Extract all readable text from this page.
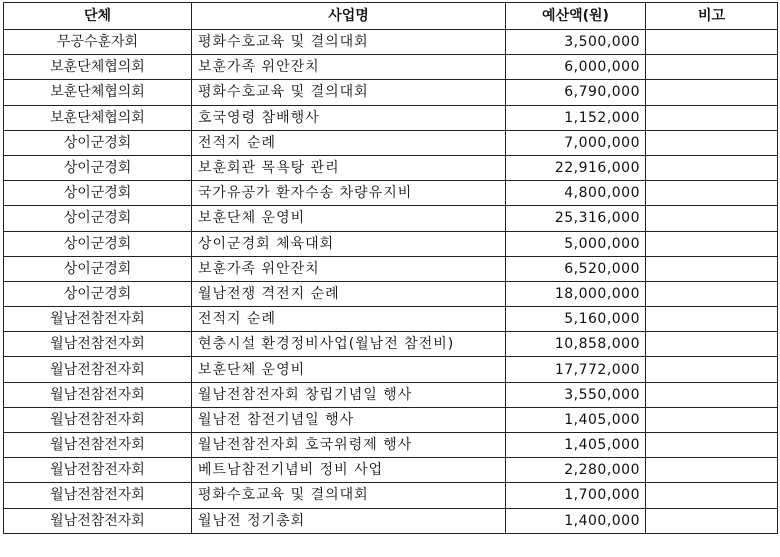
단체	사업명	예산액(원)	비고
무공수훈자회	평화수호교육 및 결의대회	3,500,000	
보훈단체협의회	보훈가족 위안잔치	6,000,000	
보훈단체협의회	평화수호교육 및 결의대회	6,790,000	
보훈단체협의회	호국영령 참배행사	1,152,000	
상이군경회	전적지 순례	7,000,000	
상이군경회	보훈회관 목욕탕 관리	22,916,000	
상이군경회	국가유공가 환자수송 차량유지비	4,800,000	
상이군경회	보훈단체 운영비	25,316,000	
상이군경회	상이군경회 체육대회	5,000,000	
상이군경회	보훈가족 위안잔치	6,520,000	
상이군경회	월남전쟁 격전지 순례	18,000,000	
월남전참전자회	전적지 순례	5,160,000	
월남전참전자회	현충시설 환경정비사업(월남전 참전비)	10,858,000	
월남전참전자회	보훈단체 운영비	17,772,000	
월남전참전자회	월남전참전자회 창립기념일 행사	3,550,000	
월남전참전자회	월남전 참전기념일 행사	1,405,000	
월남전참전자회	월남전참전자회 호국위령제 행사	1,405,000	
월남전참전자회	베트남참전기념비 정비 사업	2,280,000	
월남전참전자회	평화수호교육 및 결의대회	1,700,000	
월남전참전자회	월남전 정기총회	1,400,000	
